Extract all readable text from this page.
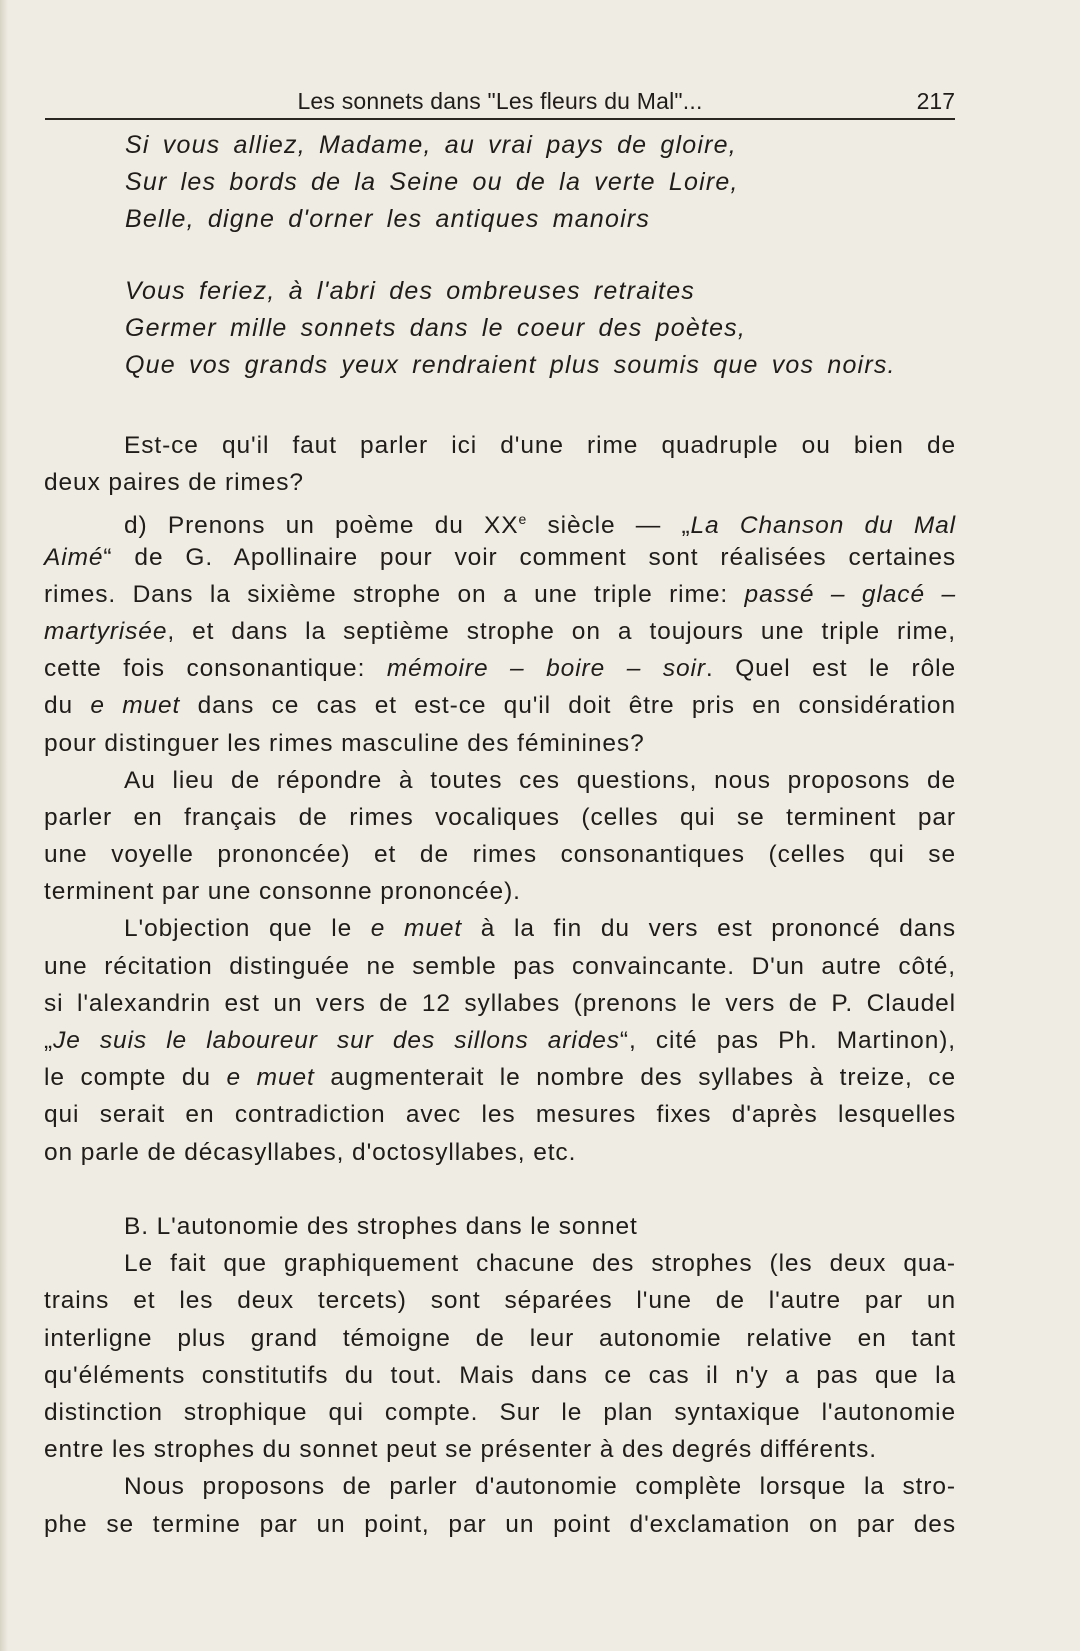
Les sonnets dans "Les fleurs du Mal"...	217
Si vous alliez, Madame, au vrai pays de gloire,
Sur les bords de la Seine ou de la verte Loire,
Belle, digne d'orner les antiques manoirs
Vous feriez, à l'abri des ombreuses retraites
Germer mille sonnets dans le coeur des poètes,
Que vos grands yeux rendraient plus soumis que vos noirs.
Est-ce qu'il faut parler ici d'une rime quadruple ou bien de
deux paires de rimes?
d) Prenons un poème du XXe siècle — „La Chanson du Mal
Aimé“ de G. Apollinaire pour voir comment sont réalisées certaines
rimes. Dans la sixième strophe on a une triple rime: passé – glacé –
martyrisée, et dans la septième strophe on a toujours une triple rime,
cette fois consonantique: mémoire – boire – soir. Quel est le rôle
du e muet dans ce cas et est-ce qu'il doit être pris en considération
pour distinguer les rimes masculine des féminines?
Au lieu de répondre à toutes ces questions, nous proposons de
parler en français de rimes vocaliques (celles qui se terminent par
une voyelle prononcée) et de rimes consonantiques (celles qui se
terminent par une consonne prononcée).
L'objection que le e muet à la fin du vers est prononcé dans
une récitation distinguée ne semble pas convaincante. D'un autre côté,
si l'alexandrin est un vers de 12 syllabes (prenons le vers de P. Claudel
„Je suis le laboureur sur des sillons arides“, cité pas Ph. Martinon),
le compte du e muet augmenterait le nombre des syllabes à treize, ce
qui serait en contradiction avec les mesures fixes d'après lesquelles
on parle de décasyllabes, d'octosyllabes, etc.
B. L'autonomie des strophes dans le sonnet
Le fait que graphiquement chacune des strophes (les deux qua-
trains et les deux tercets) sont séparées l'une de l'autre par un
interligne plus grand témoigne de leur autonomie relative en tant
qu'éléments constitutifs du tout. Mais dans ce cas il n'y a pas que la
distinction strophique qui compte. Sur le plan syntaxique l'autonomie
entre les strophes du sonnet peut se présenter à des degrés différents.
Nous proposons de parler d'autonomie complète lorsque la stro-
phe se termine par un point, par un point d'exclamation on par des
